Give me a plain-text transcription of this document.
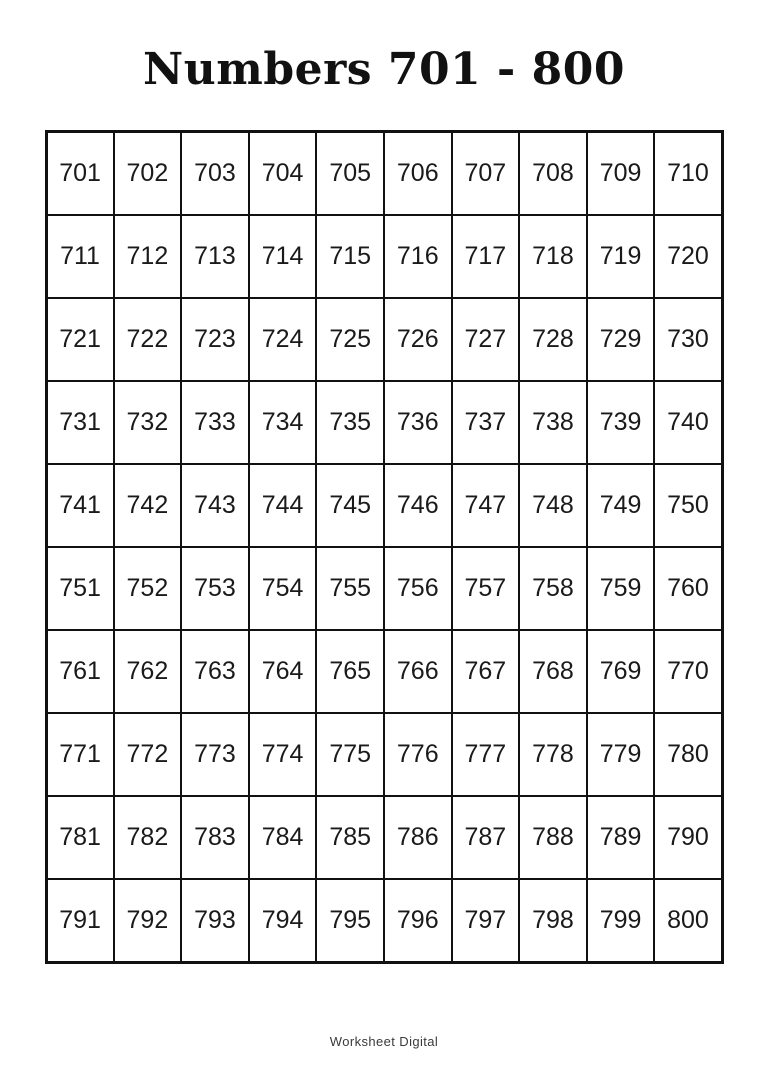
Numbers 701 - 800
701	702	703	704	705	706	707	708	709	710
711	712	713	714	715	716	717	718	719	720
721	722	723	724	725	726	727	728	729	730
731	732	733	734	735	736	737	738	739	740
741	742	743	744	745	746	747	748	749	750
751	752	753	754	755	756	757	758	759	760
761	762	763	764	765	766	767	768	769	770
771	772	773	774	775	776	777	778	779	780
781	782	783	784	785	786	787	788	789	790
791	792	793	794	795	796	797	798	799	800
Worksheet Digital
